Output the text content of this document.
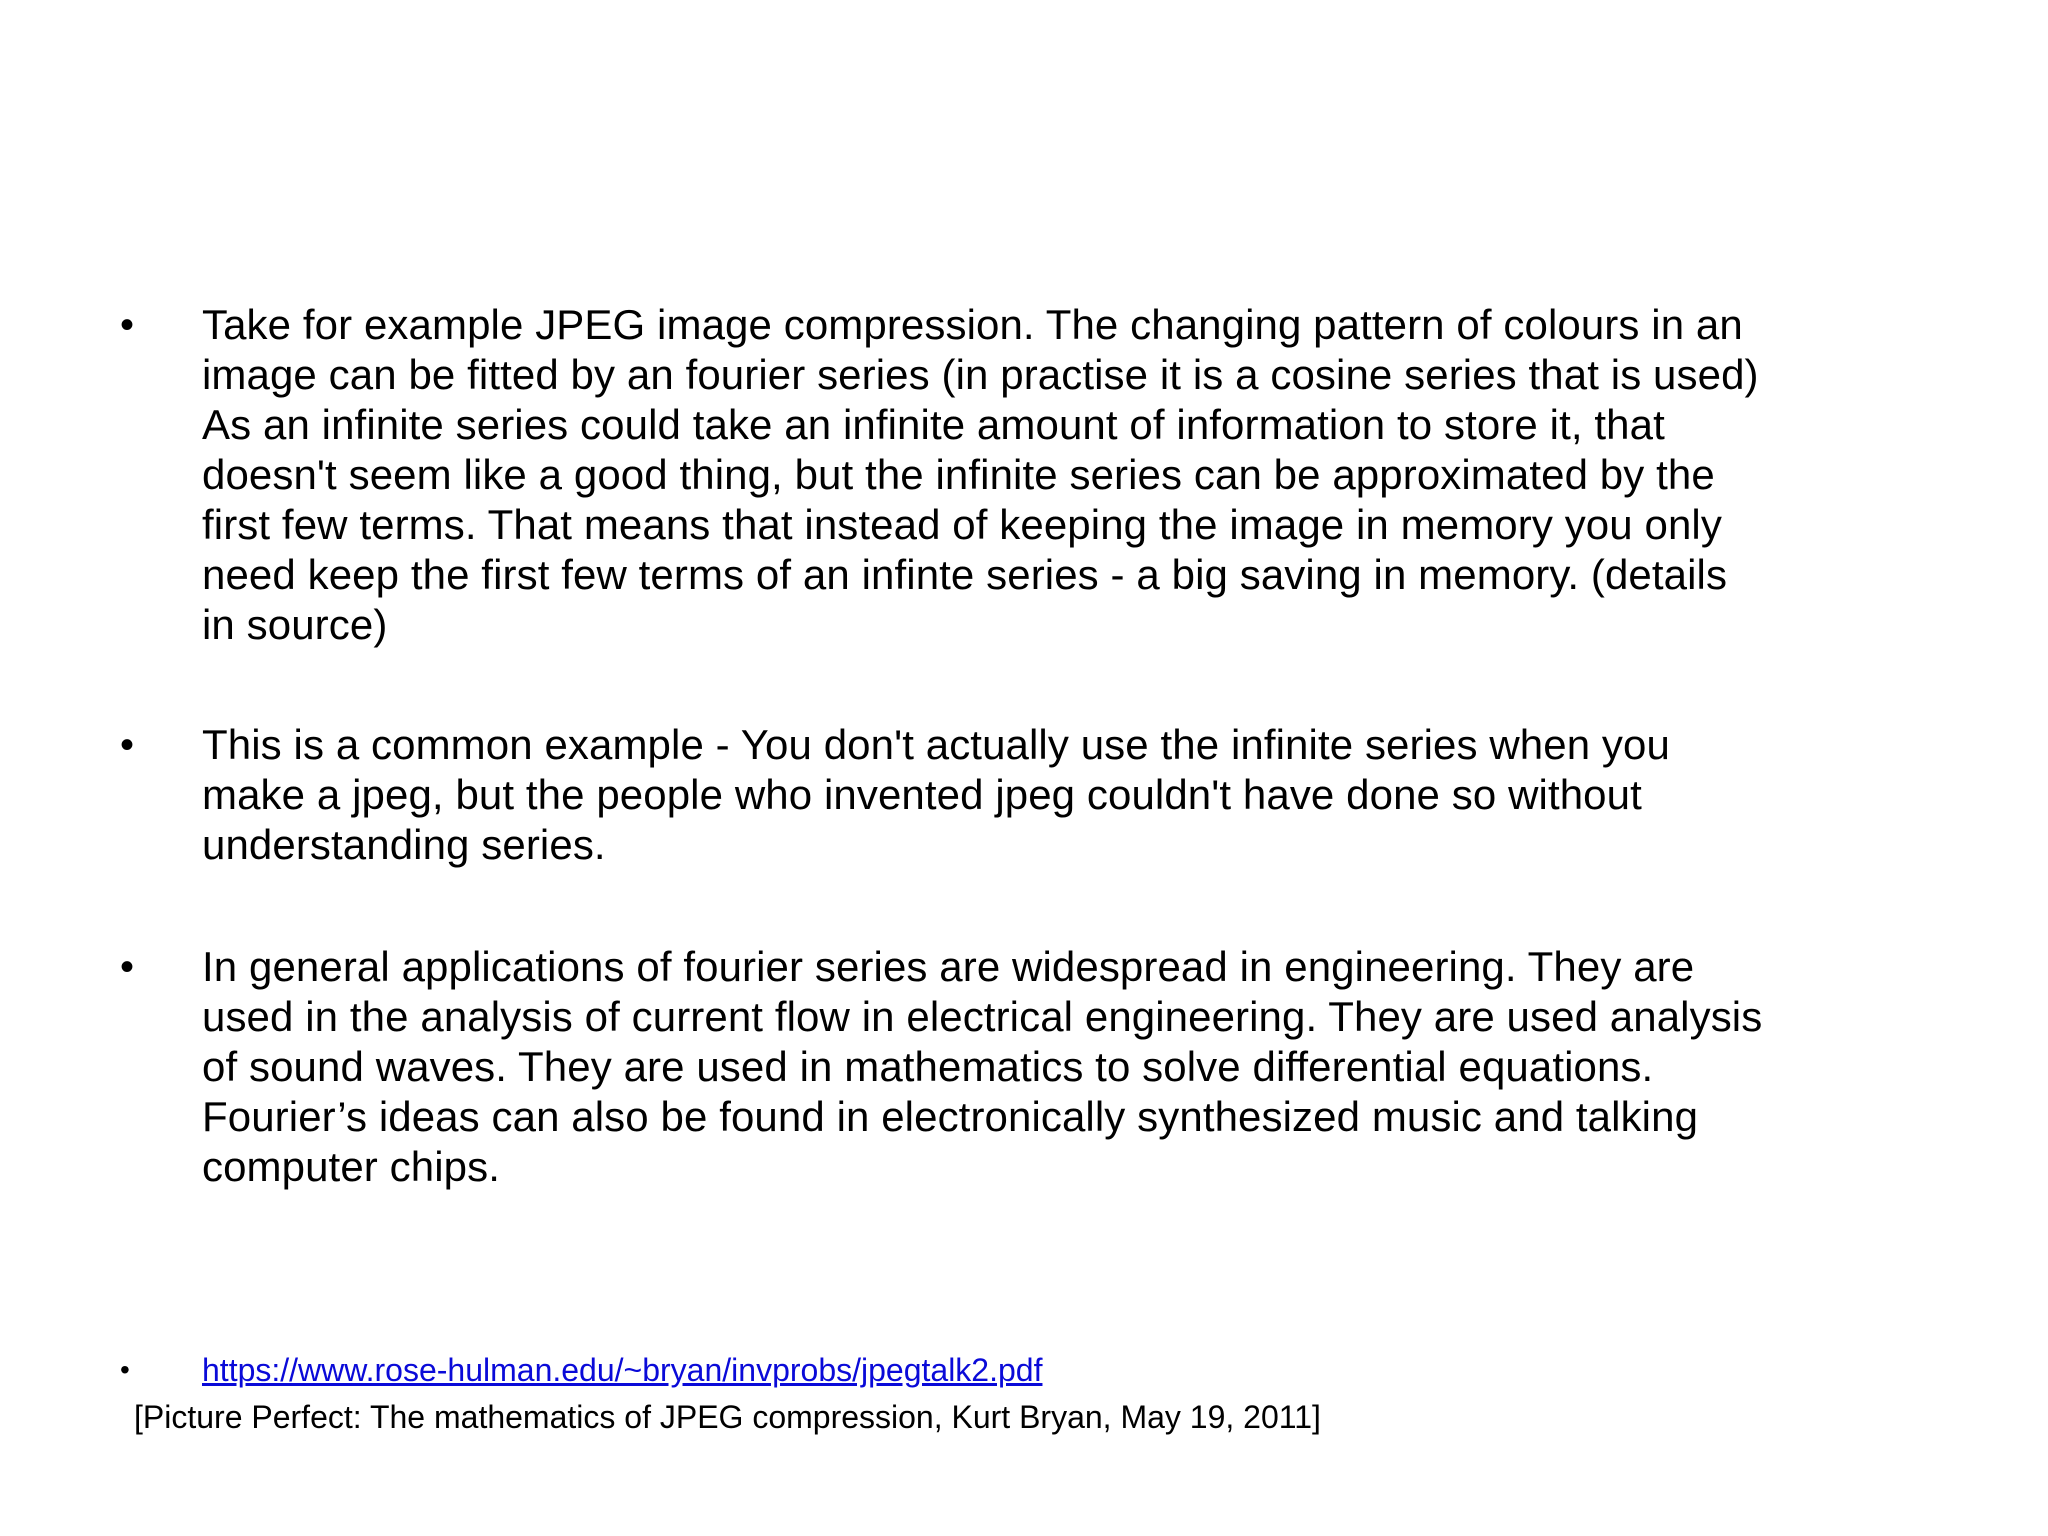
• Take for example JPEG image compression. The changing pattern of colours in an
image can be fitted by an fourier series (in practise it is a cosine series that is used)
As an infinite series could take an infinite amount of information to store it, that
doesn't seem like a good thing, but the infinite series can be approximated by the
first few terms. That means that instead of keeping the image in memory you only
need keep the first few terms of an infinte series - a big saving in memory. (details
in source)
• This is a common example - You don't actually use the infinite series when you
make a jpeg, but the people who invented jpeg couldn't have done so without
understanding series.
• In general applications of fourier series are widespread in engineering. They are
used in the analysis of current flow in electrical engineering. They are used analysis
of sound waves. They are used in mathematics to solve differential equations.
Fourier’s ideas can also be found in electronically synthesized music and talking
computer chips.
• https://www.rose-hulman.edu/~bryan/invprobs/jpegtalk2.pdf
[Picture Perfect: The mathematics of JPEG compression, Kurt Bryan, May 19, 2011]
